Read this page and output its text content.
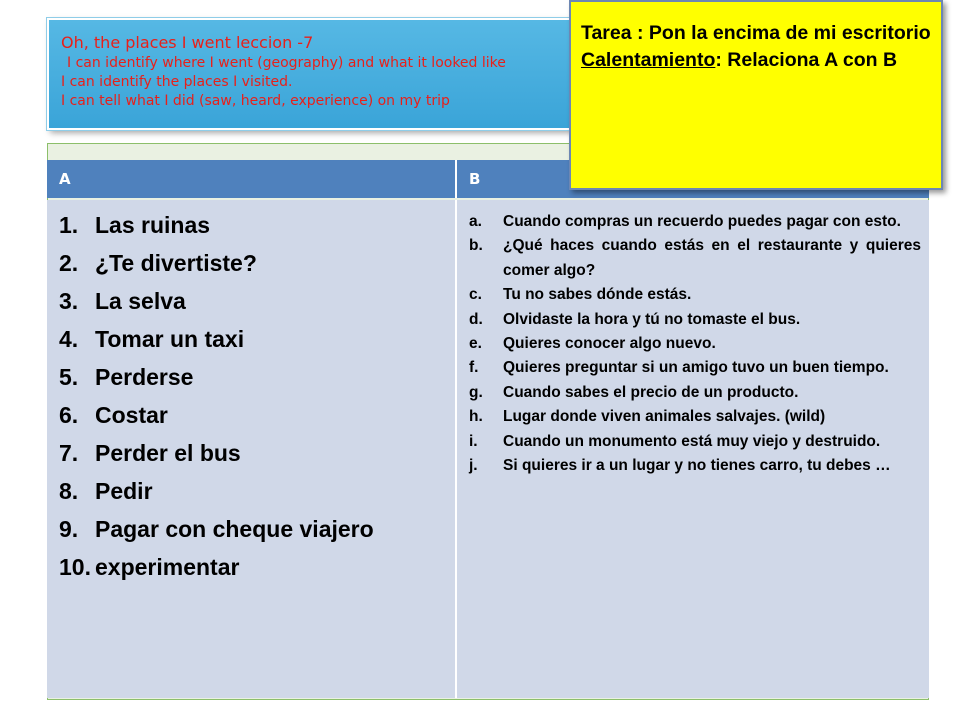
Oh, the places I went leccion -7
I can identify where I went (geography) and what it looked like
I can identify the places I visited.
I can tell what I did (saw, heard, experience) on my trip
A	B
1. Las ruinas
2. ¿Te divertiste?
3. La selva
4. Tomar un taxi
5. Perderse
6. Costar
7. Perder el bus
8. Pedir
9. Pagar con cheque viajero
10. experimentar
a.	Cuando compras un recuerdo puedes pagar con esto.
b.	¿Qué haces cuando estás en el restaurante y quieres comer algo?
c.	Tu no sabes dónde estás.
d.	Olvidaste la hora y tú no tomaste el bus.
e.	Quieres conocer algo nuevo.
f.	Quieres preguntar si un amigo tuvo un buen tiempo.
g.	Cuando sabes el precio de un producto.
h.	Lugar donde viven animales salvajes. (wild)
i.	Cuando un monumento está muy viejo y destruido.
j.	Si quieres ir a un lugar y no tienes carro, tu debes …
Tarea : Pon la encima de mi escritorio
Calentamiento: Relaciona A con B
